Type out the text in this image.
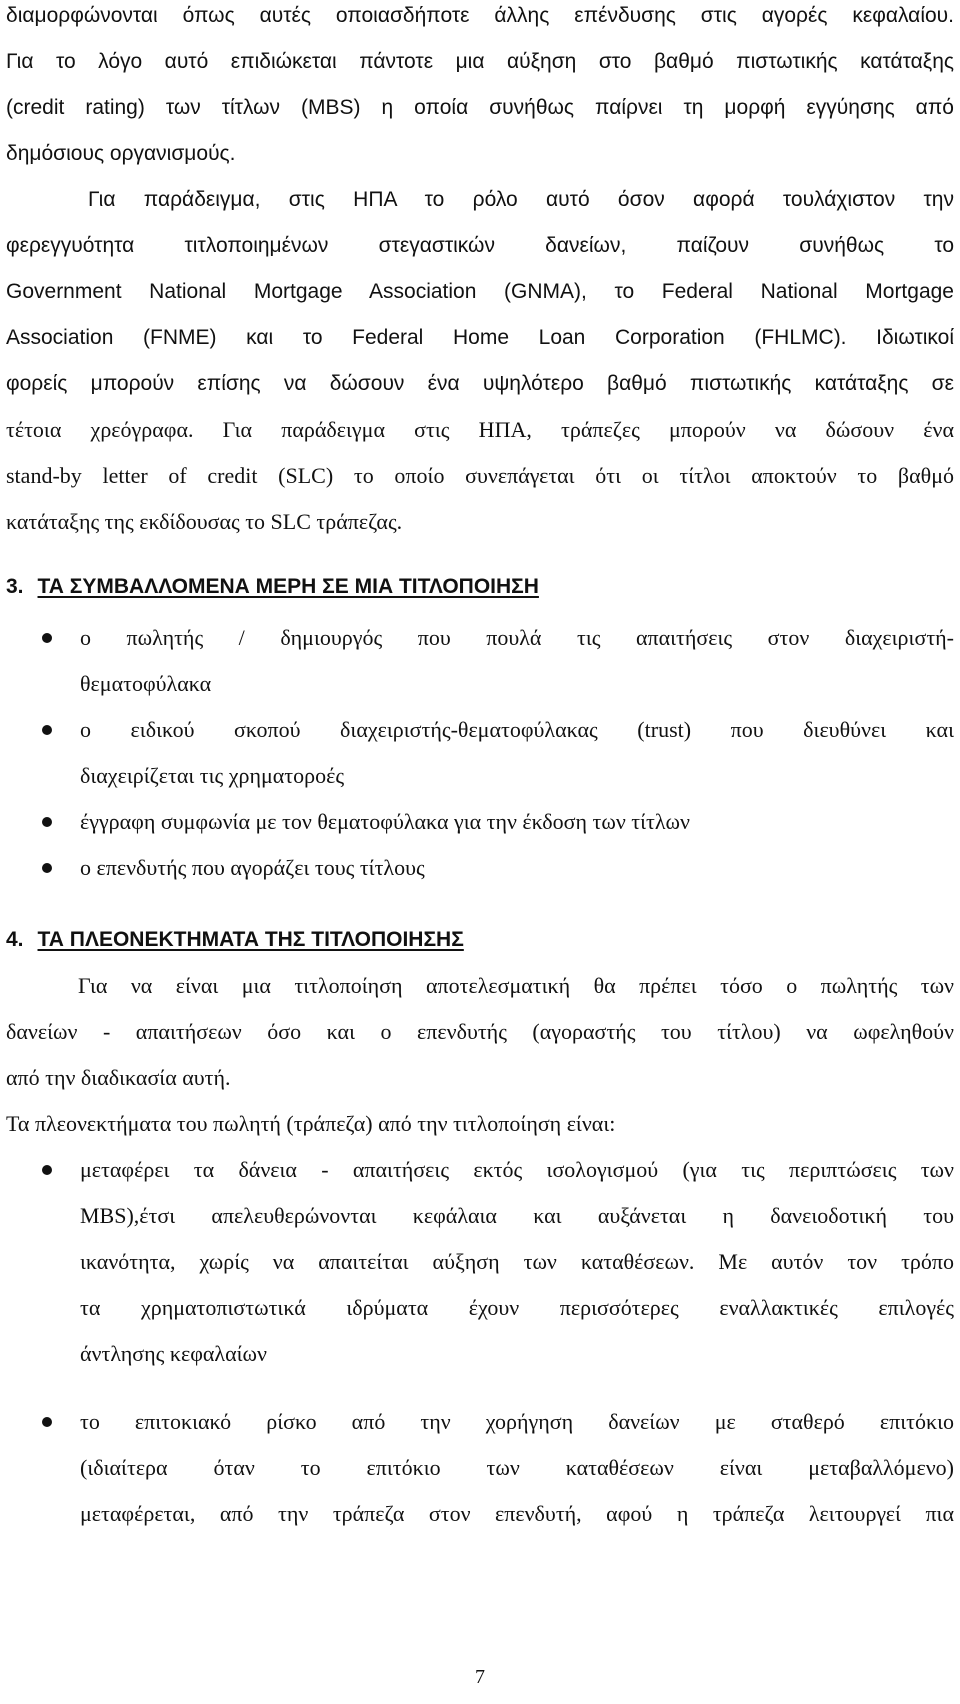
διαμορφώνονται όπως αυτές οποιασδήποτε άλλης επένδυσης στις αγορές κεφαλαίου.
Για το λόγο αυτό επιδιώκεται πάντοτε μια αύξηση στο βαθμό πιστωτικής κατάταξης
(credit rating) των τίτλων (MBS) η οποία συνήθως παίρνει τη μορφή εγγύησης από
δημόσιους οργανισμούς.
Για παράδειγμα, στις ΗΠΑ το ρόλο αυτό όσον αφορά τουλάχιστον την
φερεγγυότητα τιτλοποιημένων στεγαστικών δανείων, παίζουν συνήθως το
Government National Mortgage Association (GNMA), το Federal National Mortgage
Association (FNME) και το Federal Home Loan Corporation (FHLMC). Ιδιωτικοί
φορείς μπορούν επίσης να δώσουν ένα υψηλότερο βαθμό πιστωτικής κατάταξης σε
τέτοια χρεόγραφα. Για παράδειγμα στις ΗΠΑ, τράπεζες μπορούν να δώσουν ένα
stand-by letter of credit (SLC) το οποίο συνεπάγεται ότι οι τίτλοι αποκτούν το βαθμό
κατάταξης της εκδίδουσας το SLC τράπεζας.
3. ΤΑ ΣΥΜΒΑΛΛΟΜΕΝΑ ΜΕΡΗ ΣΕ ΜΙΑ ΤΙΤΛΟΠΟΙΗΣΗ
ο πωλητής / δημιουργός που πουλά τις απαιτήσεις στον διαχειριστή-
θεματοφύλακα
ο ειδικού σκοπού διαχειριστής-θεματοφύλακας (trust) που διευθύνει και
διαχειρίζεται τις χρηματοροές
έγγραφη συμφωνία με τον θεματοφύλακα για την έκδοση των τίτλων
ο επενδυτής που αγοράζει τους τίτλους
4. ΤΑ ΠΛΕΟΝΕΚΤΗΜΑΤΑ ΤΗΣ ΤΙΤΛΟΠΟΙΗΣΗΣ
Για να είναι μια τιτλοποίηση αποτελεσματική θα πρέπει τόσο ο πωλητής των
δανείων - απαιτήσεων όσο και ο επενδυτής (αγοραστής του τίτλου) να ωφεληθούν
από την διαδικασία αυτή.
Τα πλεονεκτήματα του πωλητή (τράπεζα) από την τιτλοποίηση είναι:
μεταφέρει τα δάνεια - απαιτήσεις εκτός ισολογισμού (για τις περιπτώσεις των
MBS),έτσι απελευθερώνονται κεφάλαια και αυξάνεται η δανειοδοτική του
ικανότητα, χωρίς να απαιτείται αύξηση των καταθέσεων. Με αυτόν τον τρόπο
τα χρηματοπιστωτικά ιδρύματα έχουν περισσότερες εναλλακτικές επιλογές
άντλησης κεφαλαίων
το επιτοκιακό ρίσκο από την χορήγηση δανείων με σταθερό επιτόκιο
(ιδιαίτερα όταν το επιτόκιο των καταθέσεων είναι μεταβαλλόμενο)
μεταφέρεται, από την τράπεζα στον επενδυτή, αφού η τράπεζα λειτουργεί πια
7
